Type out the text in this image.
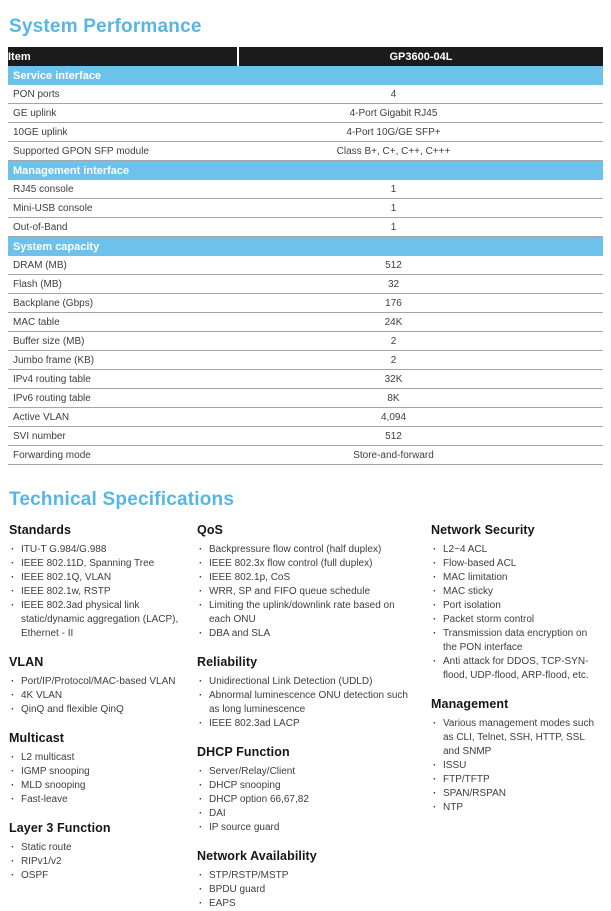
System Performance
Item	GP3600-04L
Service interface	
PON ports	4
GE uplink	4-Port Gigabit RJ45
10GE uplink	4-Port 10G/GE SFP+
Supported GPON SFP module	Class B+, C+, C++, C+++
Management interface	
RJ45 console	1
Mini-USB console	1
Out-of-Band	1
System capacity	
DRAM (MB)	512
Flash (MB)	32
Backplane (Gbps)	176
MAC table	24K
Buffer size (MB)	2
Jumbo frame (KB)	2
IPv4 routing table	32K
IPv6 routing table	8K
Active VLAN	4,094
SVI number	512
Forwarding mode	Store-and-forward
Technical Specifications
Standards
· ITU-T G.984/G.988
· IEEE 802.11D, Spanning Tree
· IEEE 802.1Q, VLAN
· IEEE 802.1w, RSTP
· IEEE 802.3ad physical link static/dynamic aggregation (LACP), Ethernet - II
VLAN
· Port/IP/Protocol/MAC-based VLAN
· 4K VLAN
· QinQ and flexible QinQ
Multicast
· L2 multicast
· IGMP snooping
· MLD snooping
· Fast-leave
Layer 3 Function
· Static route
· RIPv1/v2
· OSPF
QoS
· Backpressure flow control (half duplex)
· IEEE 802.3x flow control (full duplex)
· IEEE 802.1p, CoS
· WRR, SP and FIFO queue schedule
· Limiting the uplink/downlink rate based on each ONU
· DBA and SLA
Reliability
· Unidirectional Link Detection (UDLD)
· Abnormal luminescence ONU detection such as long luminescence
· IEEE 802.3ad LACP
DHCP Function
· Server/Relay/Client
· DHCP snooping
· DHCP option 66,67,82
· DAI
· IP source guard
Network Availability
· STP/RSTP/MSTP
· BPDU guard
· EAPS
Network Security
· L2~4 ACL
· Flow-based ACL
· MAC limitation
· MAC sticky
· Port isolation
· Packet storm control
· Transmission data encryption on the PON interface
· Anti attack for DDOS, TCP-SYN-flood, UDP-flood, ARP-flood, etc.
Management
· Various management modes such as CLI, Telnet, SSH, HTTP, SSL and SNMP
· ISSU
· FTP/TFTP
· SPAN/RSPAN
· NTP
